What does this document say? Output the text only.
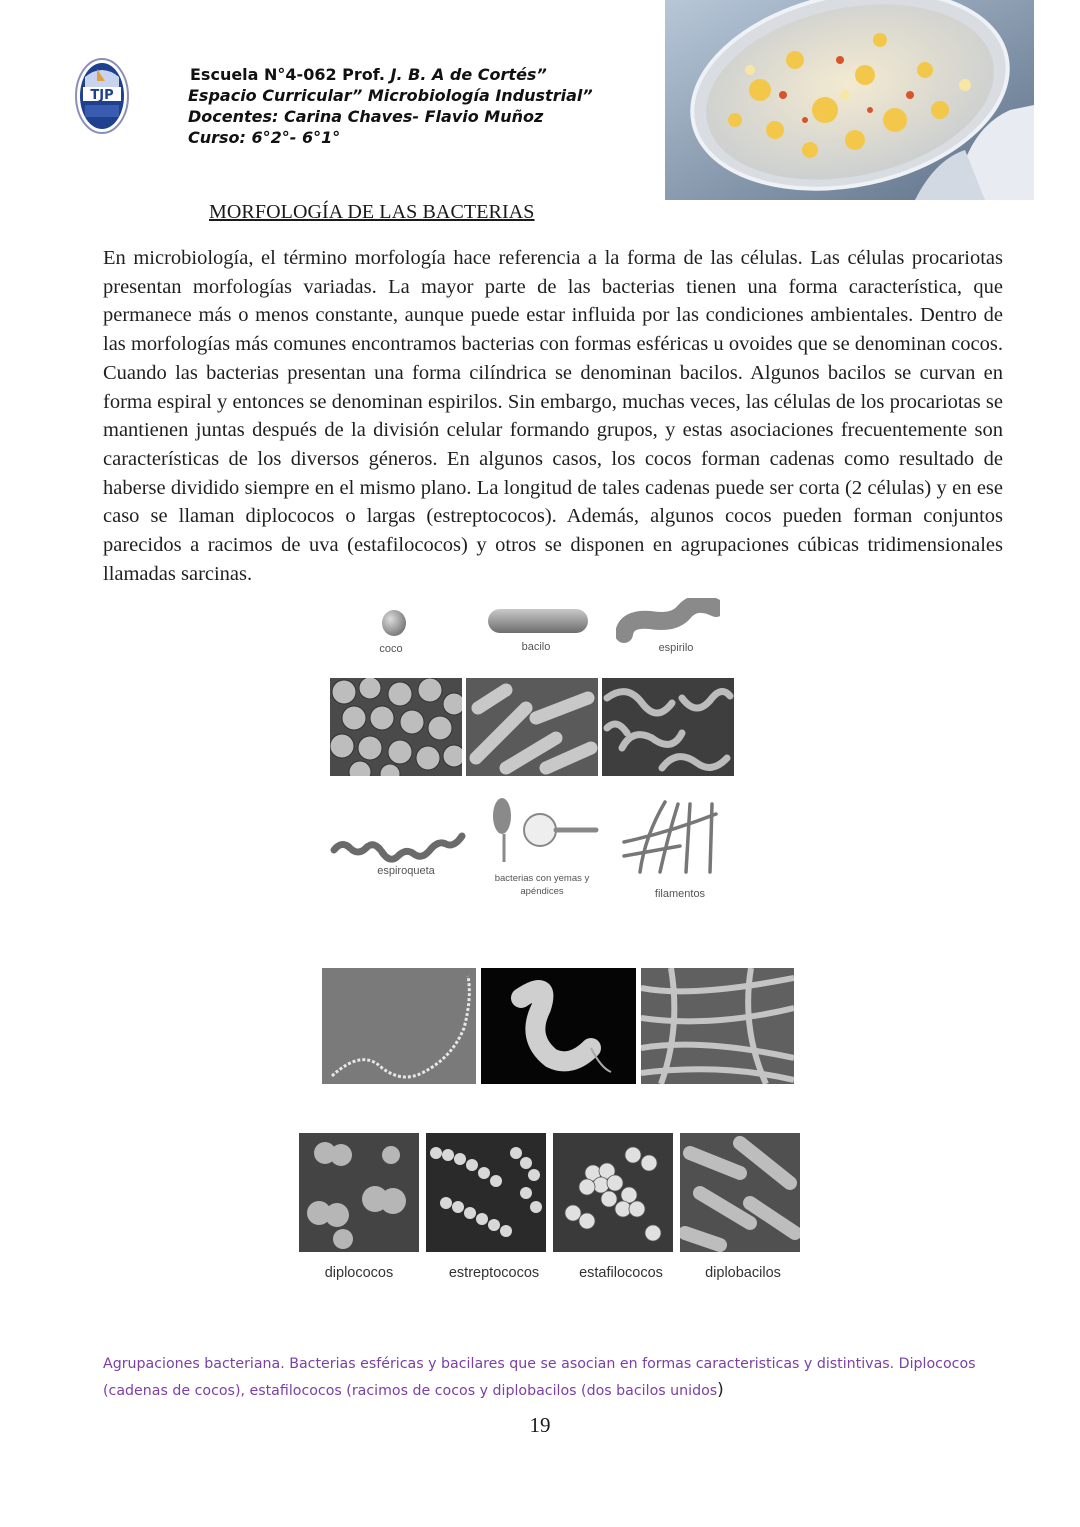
TJP
Escuela N°4-062 Prof. J. B. A de Cortés”
Espacio Curricular” Microbiología Industrial”
Docentes: Carina Chaves- Flavio Muñoz
Curso: 6°2°- 6°1°
MORFOLOGÍA DE LAS BACTERIAS
En microbiología, el término morfología hace referencia a la forma de las células. Las células procariotas presentan morfologías variadas. La mayor parte de las bacterias tienen una forma característica, que permanece más o menos constante, aunque puede estar influida por las condiciones ambientales. Dentro de las morfologías más comunes encontramos bacterias con formas esféricas u ovoides que se denominan cocos. Cuando las bacterias presentan una forma cilíndrica se denominan bacilos. Algunos bacilos se curvan en forma espiral y entonces se denominan espirilos. Sin embargo, muchas veces, las células de los procariotas se mantienen juntas después de la división celular formando grupos, y estas asociaciones frecuentemente son características de los diversos géneros. En algunos casos, los cocos forman cadenas como resultado de haberse dividido siempre en el mismo plano. La longitud de tales cadenas puede ser corta (2 células) y en ese caso se llaman diplococos o largas (estreptococos). Además, algunos cocos pueden forman conjuntos parecidos a racimos de uva (estafilococos) y otros se disponen en agrupaciones cúbicas tridimensionales llamadas sarcinas.
coco	bacilo	espirilo
espiroqueta
bacterias con yemas y
apéndices	filamentos
diplococos	estreptococos	estafilococos	diplobacilos
Agrupaciones bacteriana. Bacterias esféricas y bacilares que se asocian en formas caracteristicas y distintivas. Diplococos (cadenas de cocos), estafilococos (racimos de cocos y diplobacilos (dos bacilos unidos)
19
